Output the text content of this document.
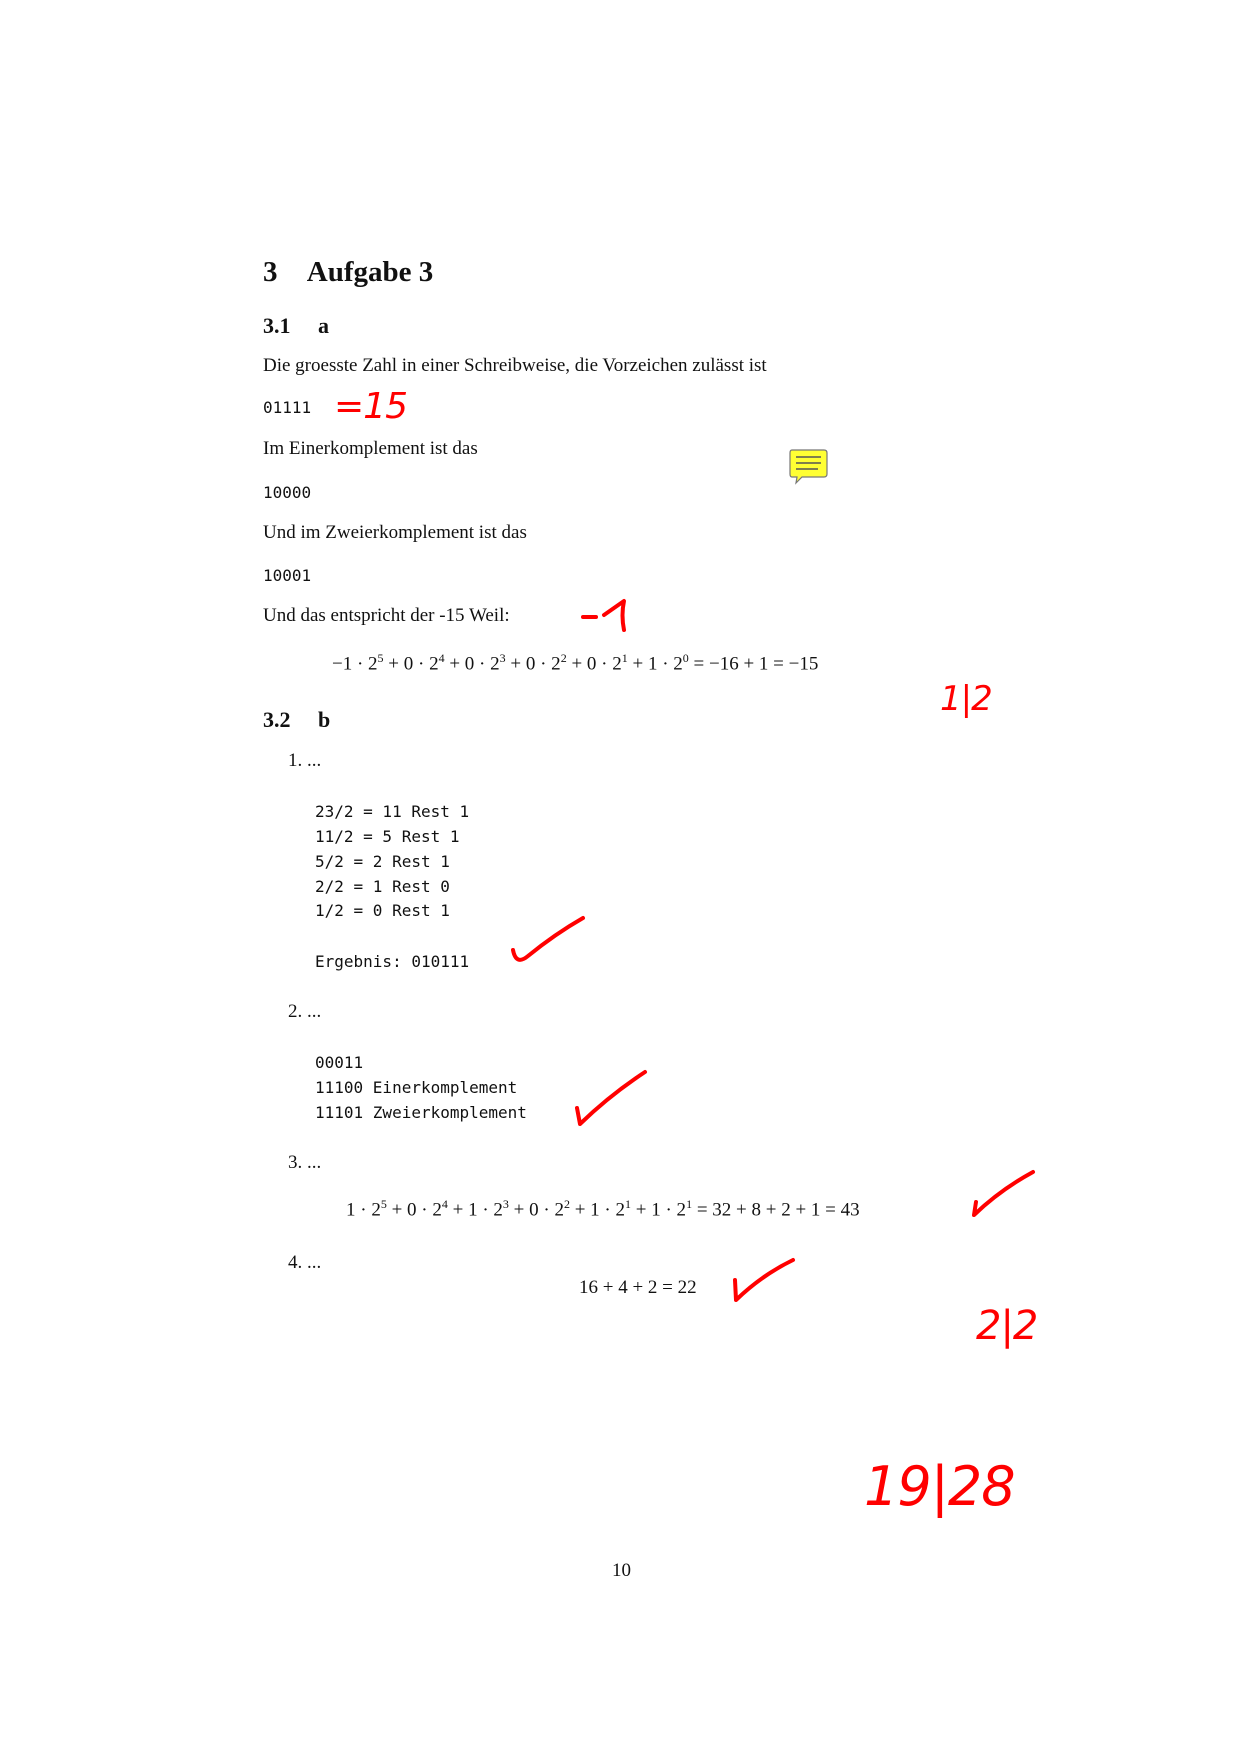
3 Aufgabe 3
3.1 a
Die groesste Zahl in einer Schreibweise, die Vorzeichen zulässt ist
01111
Im Einerkomplement ist das
10000
Und im Zweierkomplement ist das
10001
Und das entspricht der -15 Weil:
$-1 \cdot 2^5 + 0 \cdot 2^4 + 0 \cdot 2^3 + 0 \cdot 2^2 + 0 \cdot 2^1 + 1 \cdot 2^0 = -16 + 1 = -15$
3.2 b
1. ...
23/2 = 11 Rest 1
11/2 = 5 Rest 1
5/2 = 2 Rest 1
2/2 = 1 Rest 0
1/2 = 0 Rest 1
Ergebnis: 010111
2. ...
00011
11100 Einerkomplement
11101 Zweierkomplement
3. ...
$1 \cdot 2^5 + 0 \cdot 2^4 + 1 \cdot 2^3 + 0 \cdot 2^2 + 1 \cdot 2^1 + 1 \cdot 2^1 = 32 + 8 + 2 + 1 = 43$
4. ...
16 + 4 + 2 = 22
10
=15
1|2
2|2
19|28
